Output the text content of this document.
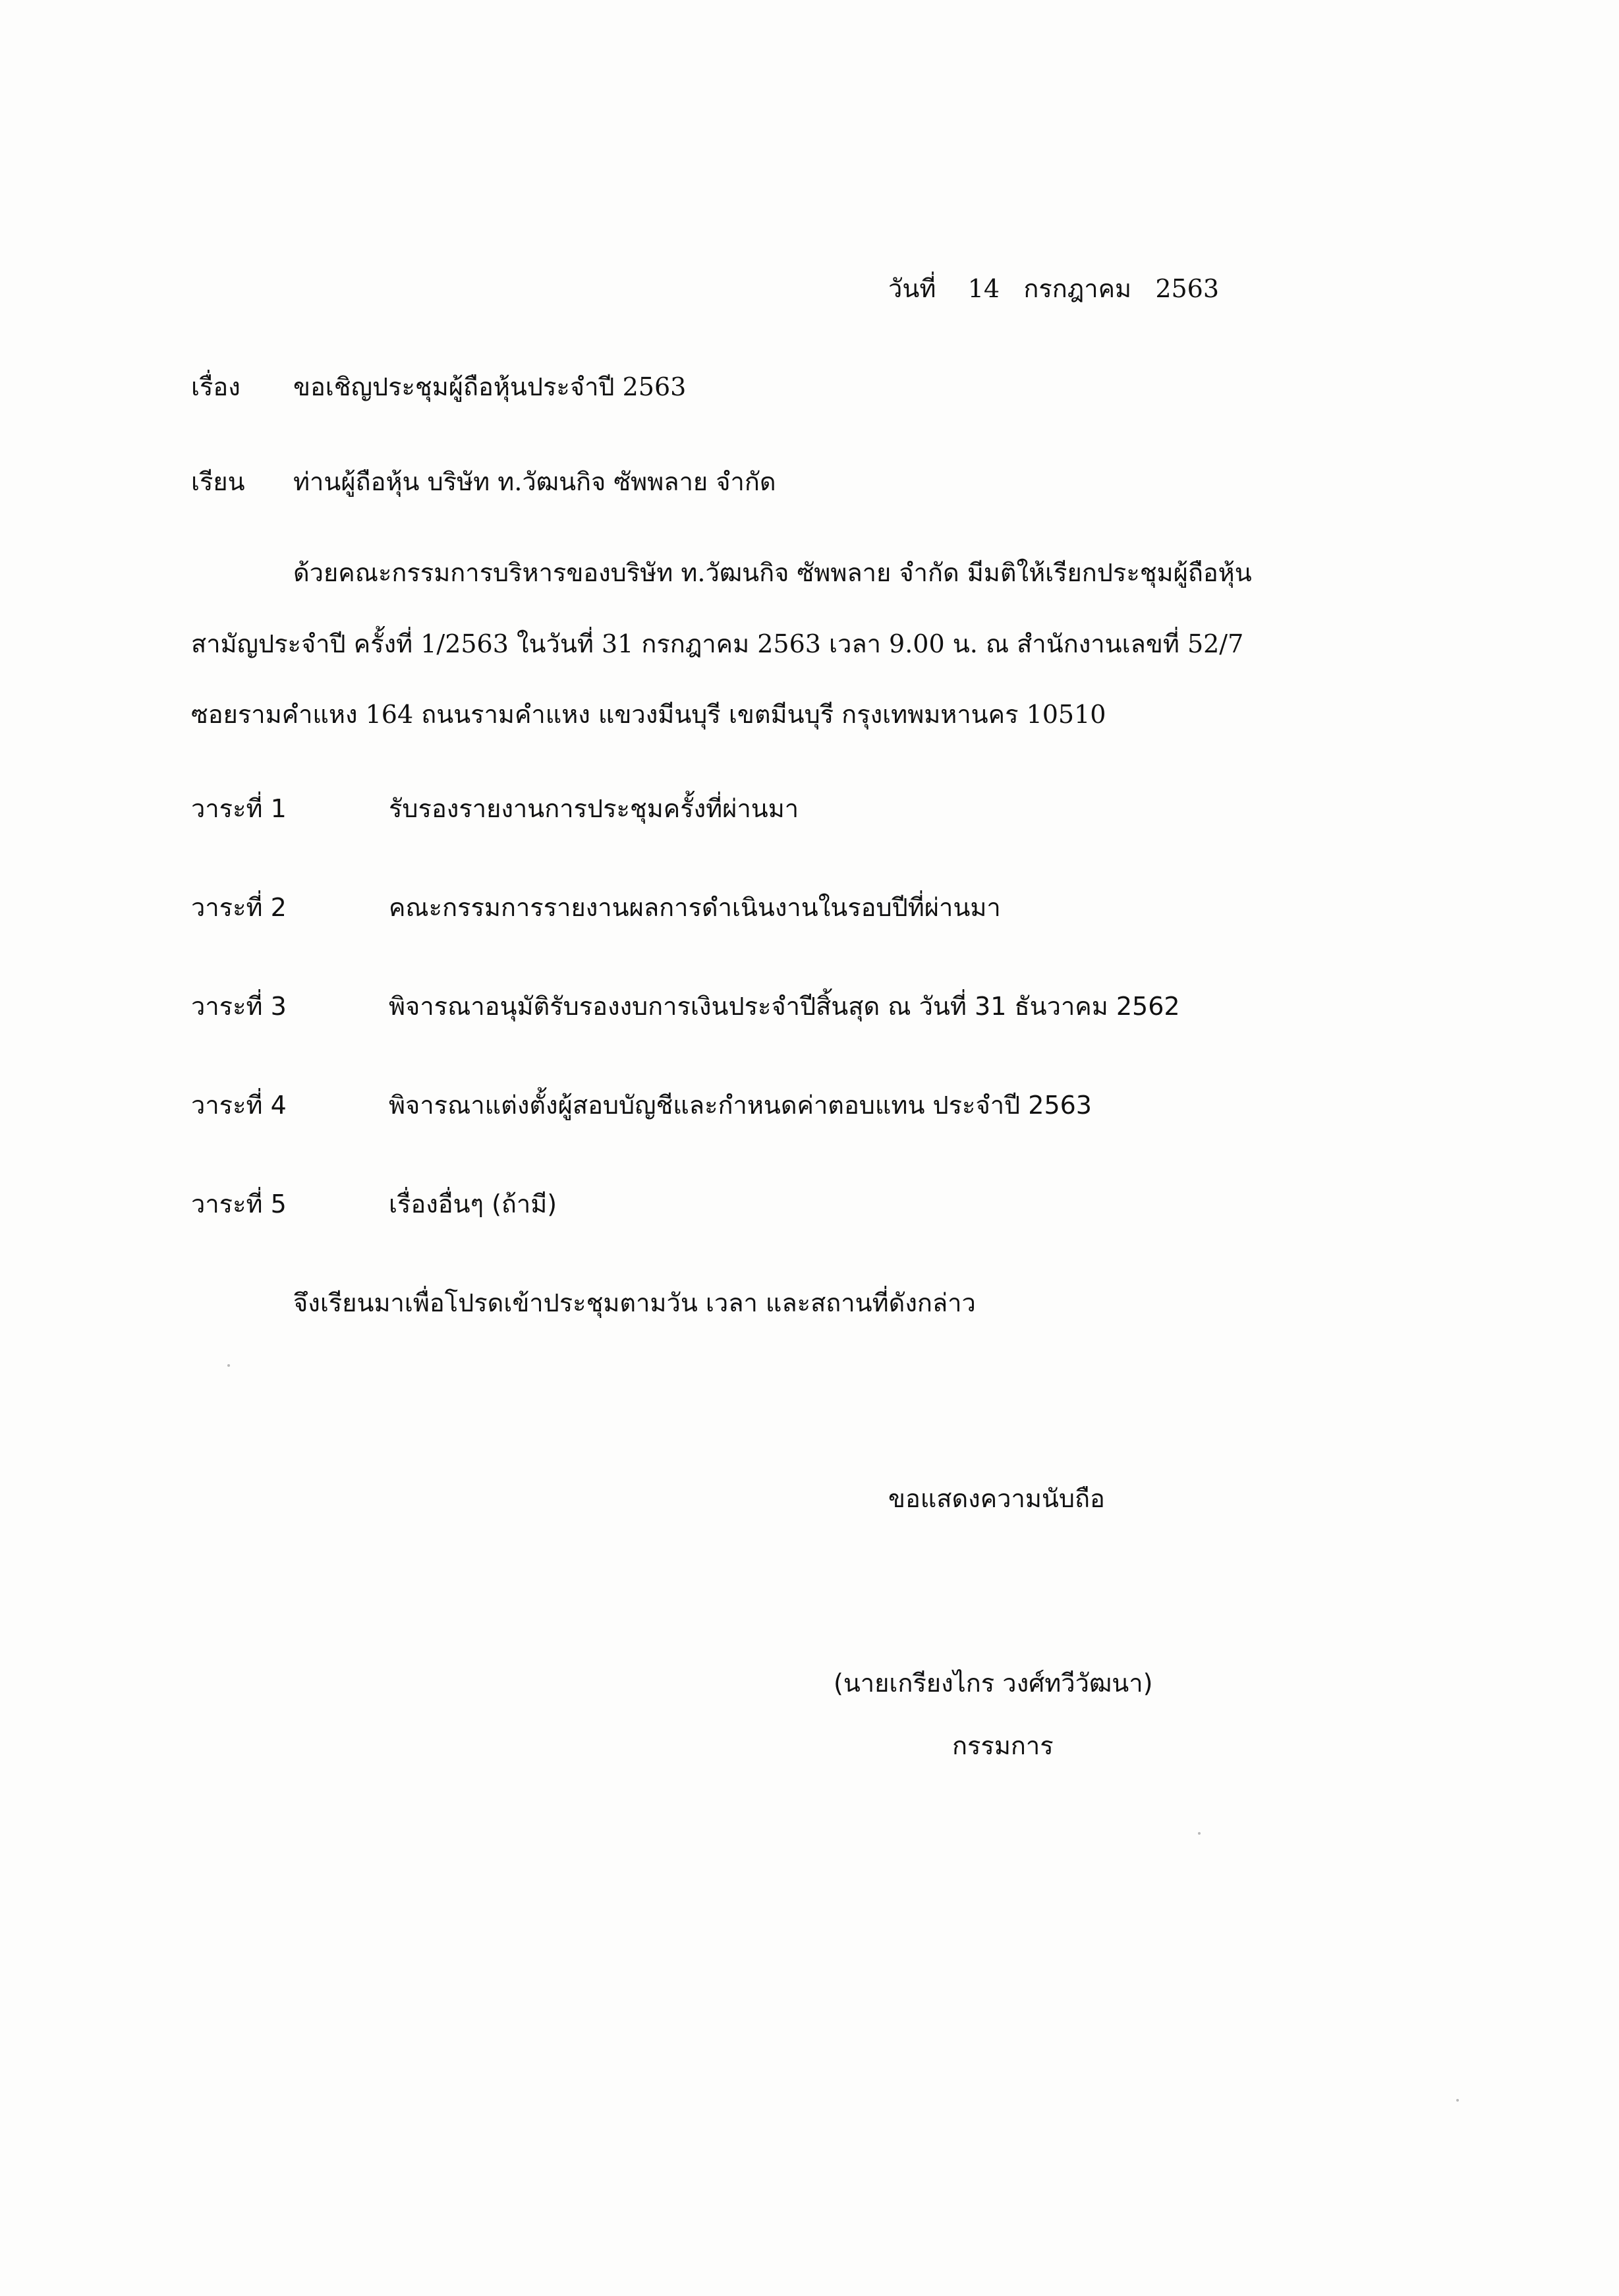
วันที่ 14 กรกฎาคม 2563
เรื่อง ขอเชิญประชุมผู้ถือหุ้นประจำปี 2563
เรียน ท่านผู้ถือหุ้น บริษัท ท.วัฒนกิจ ซัพพลาย จำกัด
ด้วยคณะกรรมการบริหารของบริษัท ท.วัฒนกิจ ซัพพลาย จำกัด มีมติให้เรียกประชุมผู้ถือหุ้น
สามัญประจำปี ครั้งที่ 1/2563 ในวันที่ 31 กรกฎาคม 2563 เวลา 9.00 น. ณ สำนักงานเลขที่ 52/7
ซอยรามคำแหง 164 ถนนรามคำแหง แขวงมีนบุรี เขตมีนบุรี กรุงเทพมหานคร 10510
วาระที่ 1	รับรองรายงานการประชุมครั้งที่ผ่านมา
วาระที่ 2	คณะกรรมการรายงานผลการดำเนินงานในรอบปีที่ผ่านมา
วาระที่ 3	พิจารณาอนุมัติรับรองงบการเงินประจำปีสิ้นสุด ณ วันที่ 31 ธันวาคม 2562
วาระที่ 4	พิจารณาแต่งตั้งผู้สอบบัญชีและกำหนดค่าตอบแทน ประจำปี 2563
วาระที่ 5	เรื่องอื่นๆ (ถ้ามี)
จึงเรียนมาเพื่อโปรดเข้าประชุมตามวัน เวลา และสถานที่ดังกล่าว
ขอแสดงความนับถือ
(นายเกรียงไกร วงศ์ทวีวัฒนา)
กรรมการ
